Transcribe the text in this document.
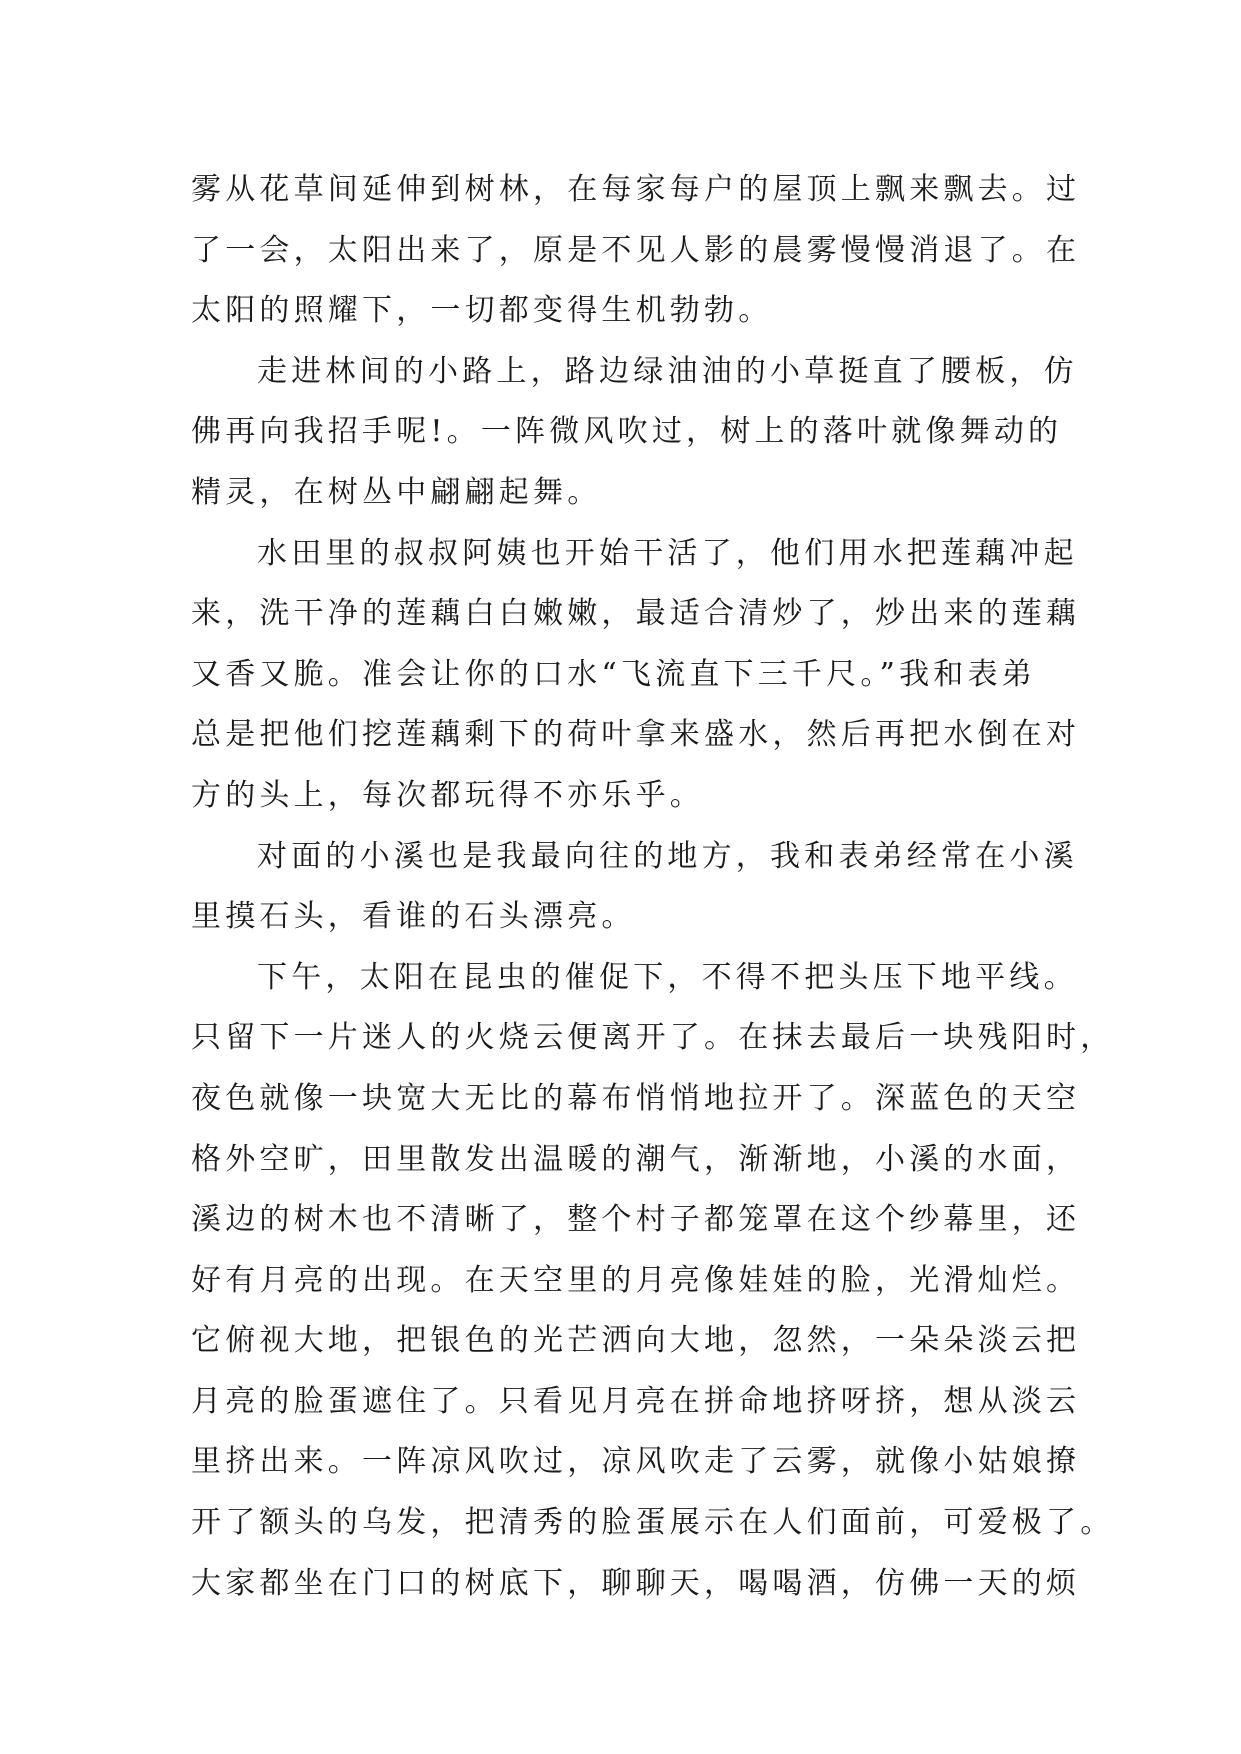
雾从花草间延伸到树林，在每家每户的屋顶上飘来飘去。过
了一会，太阳出来了，原是不见人影的晨雾慢慢消退了。在
太阳的照耀下，一切都变得生机勃勃。
走进林间的小路上，路边绿油油的小草挺直了腰板，仿
佛再向我招手呢!。一阵微风吹过，树上的落叶就像舞动的
精灵，在树丛中翩翩起舞。
水田里的叔叔阿姨也开始干活了，他们用水把莲藕冲起
来，洗干净的莲藕白白嫩嫩，最适合清炒了，炒出来的莲藕
又香又脆。准会让你的口水“飞流直下三千尺。”我和表弟
总是把他们挖莲藕剩下的荷叶拿来盛水，然后再把水倒在对
方的头上，每次都玩得不亦乐乎。
对面的小溪也是我最向往的地方，我和表弟经常在小溪
里摸石头，看谁的石头漂亮。
下午，太阳在昆虫的催促下，不得不把头压下地平线。
只留下一片迷人的火烧云便离开了。在抹去最后一块残阳时，
夜色就像一块宽大无比的幕布悄悄地拉开了。深蓝色的天空
格外空旷，田里散发出温暖的潮气，渐渐地，小溪的水面，
溪边的树木也不清晰了，整个村子都笼罩在这个纱幕里，还
好有月亮的出现。在天空里的月亮像娃娃的脸，光滑灿烂。
它俯视大地，把银色的光芒洒向大地，忽然，一朵朵淡云把
月亮的脸蛋遮住了。只看见月亮在拼命地挤呀挤，想从淡云
里挤出来。一阵凉风吹过，凉风吹走了云雾，就像小姑娘撩
开了额头的乌发，把清秀的脸蛋展示在人们面前，可爱极了。
大家都坐在门口的树底下，聊聊天，喝喝酒，仿佛一天的烦
